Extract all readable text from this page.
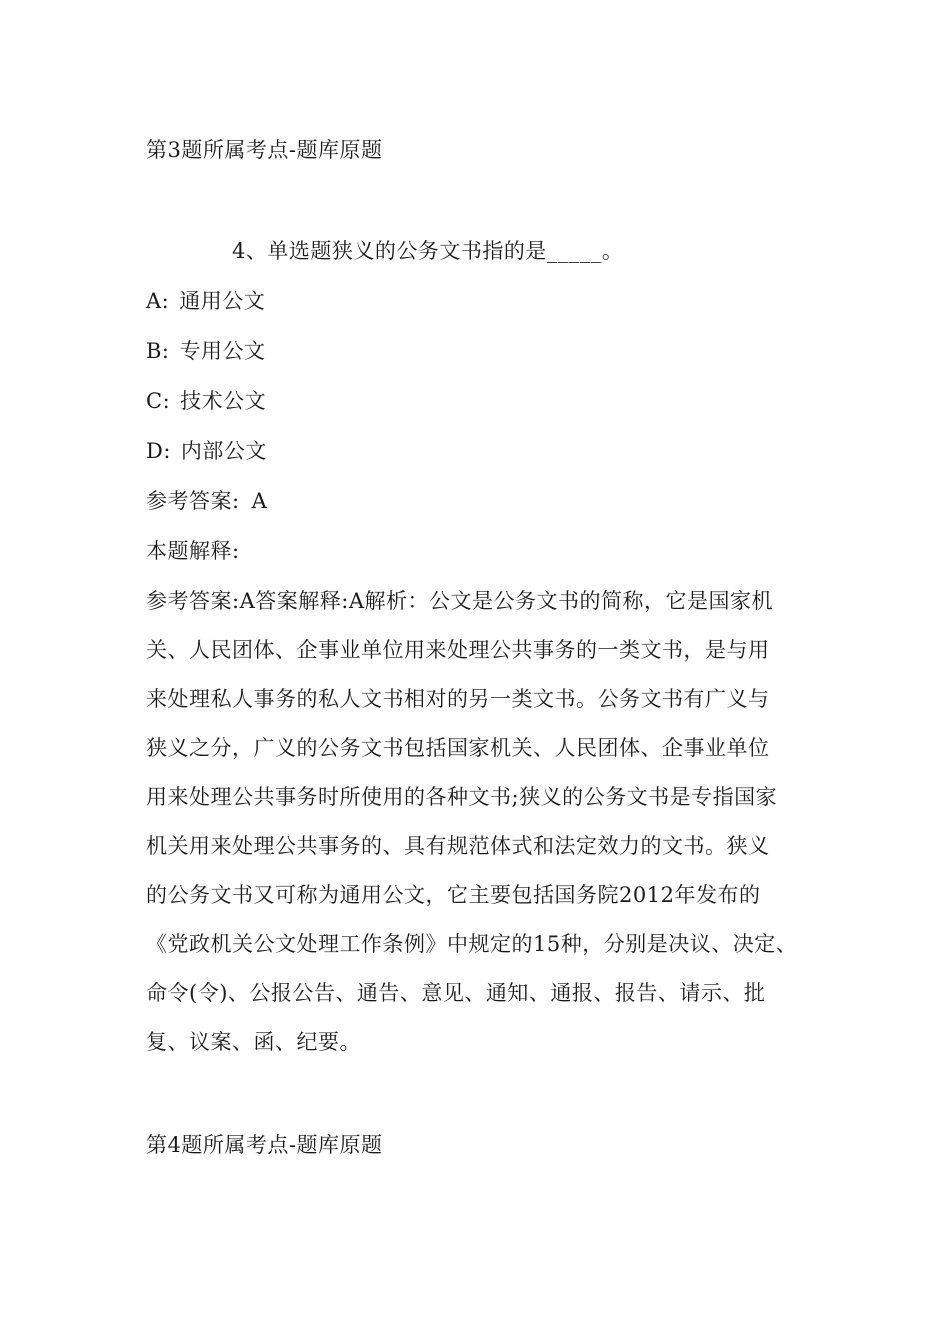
第3题所属考点-题库原题
4、单选题狭义的公务文书指的是_____。
A: 通用公文
B: 专用公文
C: 技术公文
D: 内部公文
参考答案: A
本题解释:
参考答案:A答案解释:A解析：公文是公务文书的简称，它是国家机
关、人民团体、企事业单位用来处理公共事务的一类文书，是与用
来处理私人事务的私人文书相对的另一类文书。公务文书有广义与
狭义之分，广义的公务文书包括国家机关、人民团体、企事业单位
用来处理公共事务时所使用的各种文书;狭义的公务文书是专指国家
机关用来处理公共事务的、具有规范体式和法定效力的文书。狭义
的公务文书又可称为通用公文，它主要包括国务院2012年发布的
《党政机关公文处理工作条例》中规定的15种，分别是决议、决定、
命令(令)、公报公告、通告、意见、通知、通报、报告、请示、批
复、议案、函、纪要。
第4题所属考点-题库原题
